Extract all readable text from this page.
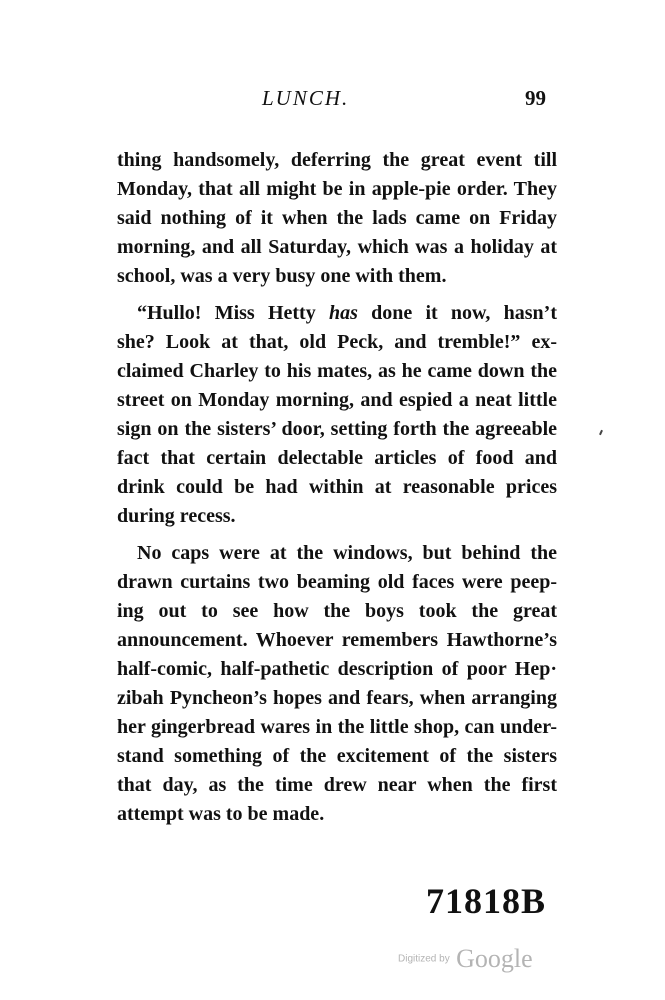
LUNCH.	99
thing handsomely, deferring the great event till
Monday, that all might be in apple-pie order. They
said nothing of it when the lads came on Friday
morning, and all Saturday, which was a holiday at
school, was a very busy one with them.
“Hullo! Miss Hetty has done it now, hasn’t
she? Look at that, old Peck, and tremble!” ex-
claimed Charley to his mates, as he came down the
street on Monday morning, and espied a neat little
sign on the sisters’ door, setting forth the agreeable
fact that certain delectable articles of food and
drink could be had within at reasonable prices
during recess.
No caps were at the windows, but behind the
drawn curtains two beaming old faces were peep-
ing out to see how the boys took the great
announcement. Whoever remembers Hawthorne’s
half-comic, half-pathetic description of poor Hep·
zibah Pyncheon’s hopes and fears, when arranging
her gingerbread wares in the little shop, can under-
stand something of the excitement of the sisters
that day, as the time drew near when the first
attempt was to be made.
71818B
Digitized by Google
